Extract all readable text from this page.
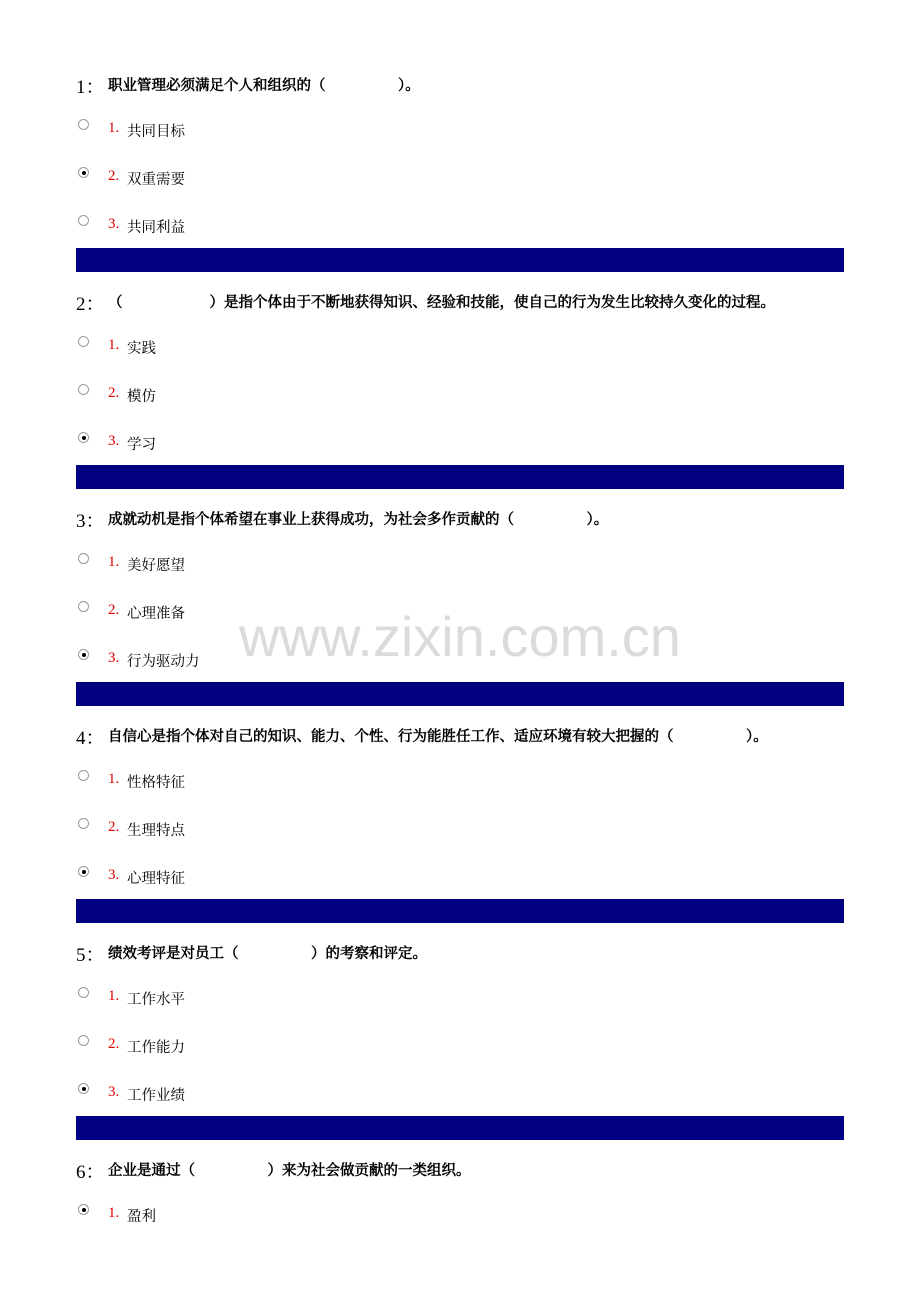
1： 职业管理必须满足个人和组织的（　　　　　）。
1. 共同目标
2. 双重需要
3. 共同利益
2： （　　　　　　）是指个体由于不断地获得知识、经验和技能，使自己的行为发生比较持久变化的过程。
1. 实践
2. 模仿
3. 学习
3： 成就动机是指个体希望在事业上获得成功，为社会多作贡献的（　　　　　）。
1. 美好愿望
2. 心理准备
3. 行为驱动力
4： 自信心是指个体对自己的知识、能力、个性、行为能胜任工作、适应环境有较大把握的（　　　　　）。
1. 性格特征
2. 生理特点
3. 心理特征
5： 绩效考评是对员工（　　　　　）的考察和评定。
1. 工作水平
2. 工作能力
3. 工作业绩
6： 企业是通过（　　　　　）来为社会做贡献的一类组织。
1. 盈利
www.zixin.com.cn
